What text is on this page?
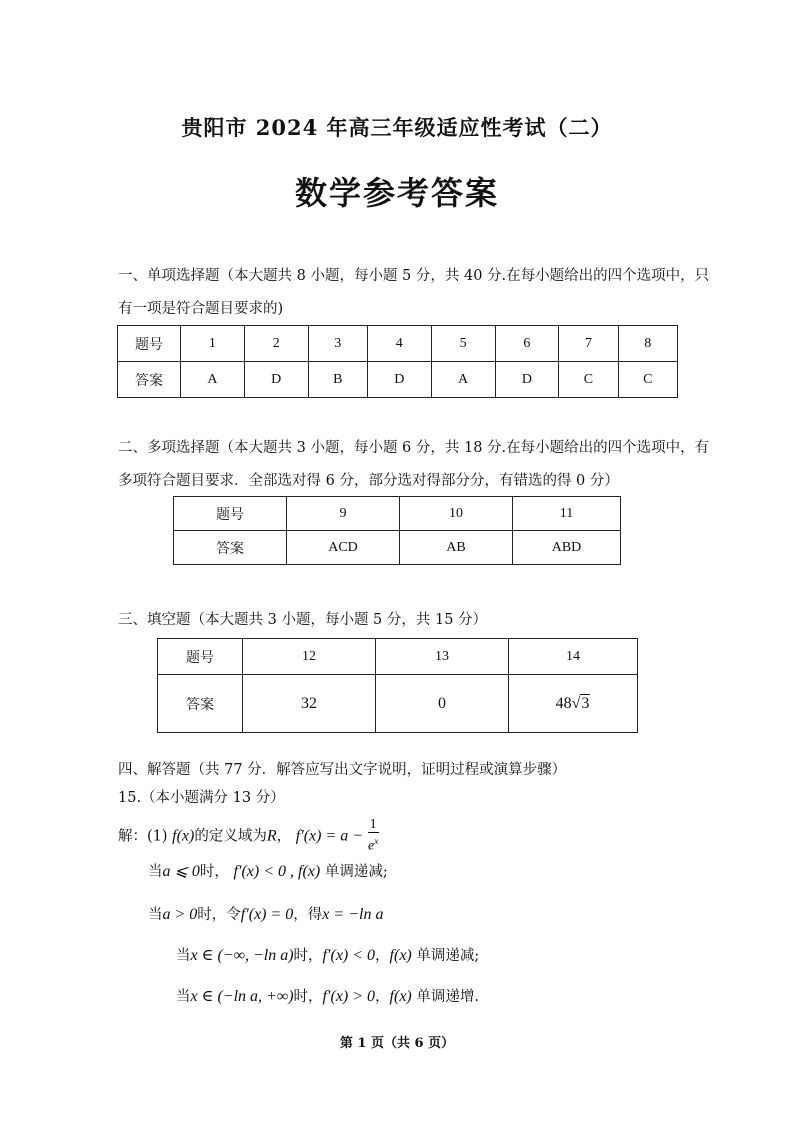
贵阳市 2024 年高三年级适应性考试（二）
数学参考答案
一、单项选择题（本大题共 8 小题，每小题 5 分，共 40 分.在每小题给出的四个选项中，只
有一项是符合题目要求的)
题号	1	2	3	4	5	6	7	8
答案	A	D	B	D	A	D	C	C
二、多项选择题（本大题共 3 小题，每小题 6 分，共 18 分.在每小题给出的四个选项中，有
多项符合题目要求．全部选对得 6 分，部分选对得部分分，有错选的得 0 分）
题号	9	10	11
答案	ACD	AB	ABD
三、填空题（本大题共 3 小题，每小题 5 分，共 15 分）
题号	12	13	14
答案	32	0	48√3
四、解答题（共 77 分．解答应写出文字说明，证明过程或演算步骤）
15.（本小题满分 13 分）
解：(1) f(x)的定义域为R， $f'(x) = a - \frac{1}{e^x}$
当a ⩽ 0时， f′(x) < 0 , f(x) 单调递减;
当a > 0时，令f′(x) = 0，得x = −ln a
当x ∈ (−∞, −ln a)时，f′(x) < 0，f(x) 单调递减;
当x ∈ (−ln a, +∞)时，f′(x) > 0，f(x) 单调递增.
第 1 页（共 6 页）
